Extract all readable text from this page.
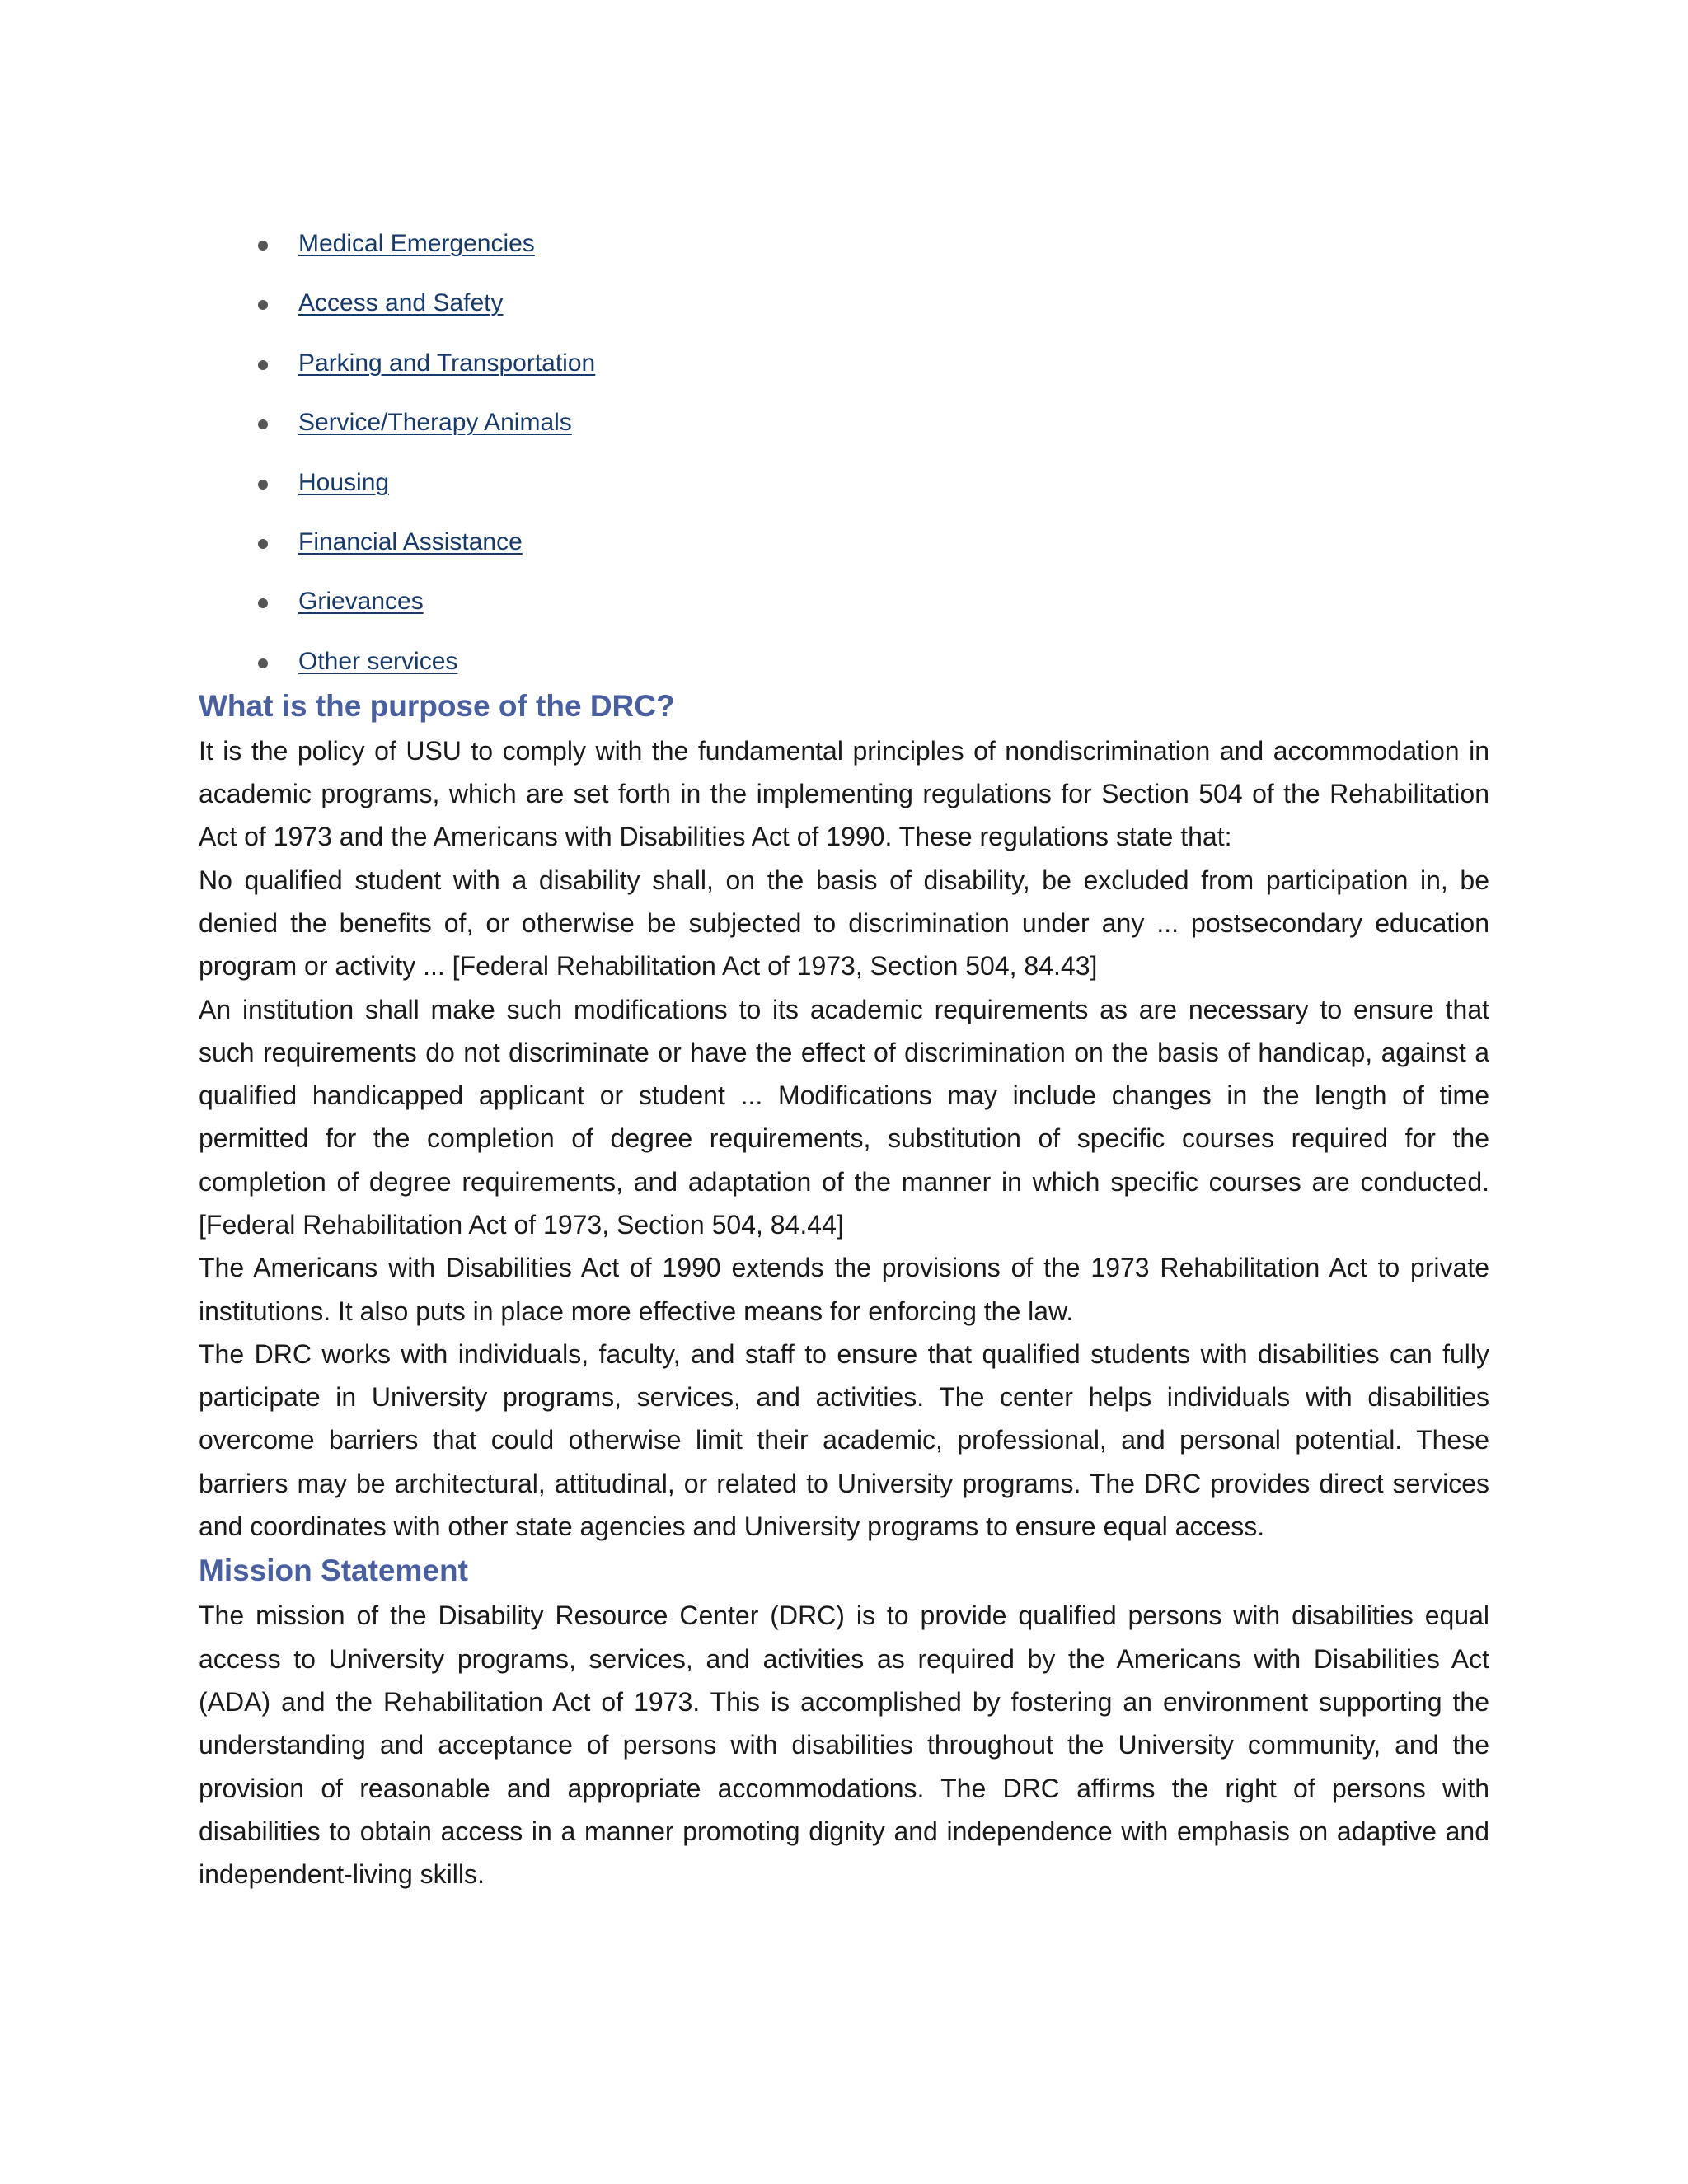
Medical Emergencies
Access and Safety
Parking and Transportation
Service/Therapy Animals
Housing
Financial Assistance
Grievances
Other services
What is the purpose of the DRC?

It is the policy of USU to comply with the fundamental principles of nondiscrimination and accommodation in academic programs, which are set forth in the implementing regulations for Section 504 of the Rehabilitation Act of 1973 and the Americans with Disabilities Act of 1990. These regulations state that:

No qualified student with a disability shall, on the basis of disability, be excluded from participation in, be denied the benefits of, or otherwise be subjected to discrimination under any ... postsecondary education program or activity ... [Federal Rehabilitation Act of 1973, Section 504, 84.43]

An institution shall make such modifications to its academic requirements as are necessary to ensure that such requirements do not discriminate or have the effect of discrimination on the basis of handicap, against a qualified handicapped applicant or student ... Modifications may include changes in the length of time permitted for the completion of degree requirements, substitution of specific courses required for the completion of degree requirements, and adaptation of the manner in which specific courses are conducted. [Federal Rehabilitation Act of 1973, Section 504, 84.44]

The Americans with Disabilities Act of 1990 extends the provisions of the 1973 Rehabilitation Act to private institutions. It also puts in place more effective means for enforcing the law.

The DRC works with individuals, faculty, and staff to ensure that qualified students with disabilities can fully participate in University programs, services, and activities. The center helps individuals with disabilities overcome barriers that could otherwise limit their academic, professional, and personal potential. These barriers may be architectural, attitudinal, or related to University programs. The DRC provides direct services and coordinates with other state agencies and University programs to ensure equal access.

Mission Statement

The mission of the Disability Resource Center (DRC) is to provide qualified persons with disabilities equal access to University programs, services, and activities as required by the Americans with Disabilities Act (ADA) and the Rehabilitation Act of 1973. This is accomplished by fostering an environment supporting the understanding and acceptance of persons with disabilities throughout the University community, and the provision of reasonable and appropriate accommodations. The DRC affirms the right of persons with disabilities to obtain access in a manner promoting dignity and independence with emphasis on adaptive and independent-living skills.
